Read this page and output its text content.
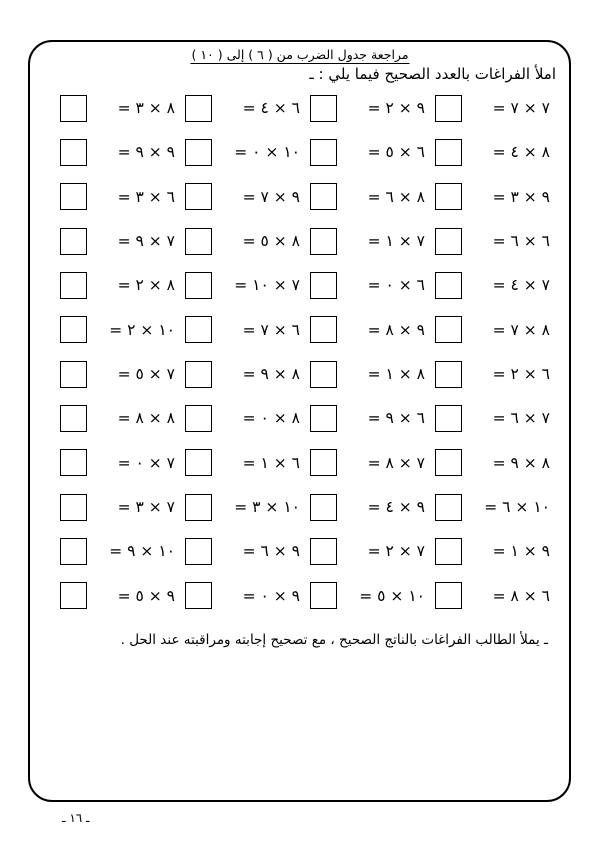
مراجعة جدول الضرب من ( ٦ ) إلى ( ١٠ )
املأ الفراغات بالعدد الصحيح فيما يلي : ـ
٧ × ٧ =
٩ × ٢ =
٦ × ٤ =
٨ × ٣ =
٨ × ٤ =
٦ × ٥ =
١٠ × ٠ =
٩ × ٩ =
٩ × ٣ =
٨ × ٦ =
٩ × ٧ =
٦ × ٣ =
٦ × ٦ =
٧ × ١ =
٨ × ٥ =
٧ × ٩ =
٧ × ٤ =
٦ × ٠ =
٧ × ١٠ =
٨ × ٢ =
٨ × ٧ =
٩ × ٨ =
٦ × ٧ =
١٠ × ٢ =
٦ × ٢ =
٨ × ١ =
٨ × ٩ =
٧ × ٥ =
٧ × ٦ =
٦ × ٩ =
٨ × ٠ =
٨ × ٨ =
٨ × ٩ =
٧ × ٨ =
٦ × ١ =
٧ × ٠ =
١٠ × ٦ =
٩ × ٤ =
١٠ × ٣ =
٧ × ٣ =
٩ × ١ =
٧ × ٢ =
٩ × ٦ =
١٠ × ٩ =
٦ × ٨ =
١٠ × ٥ =
٩ × ٠ =
٩ × ٥ =
ـ يملأ الطالب الفراغات بالناتج الصحيح ، مع تصحيح إجابته ومراقبته عند الحل .
ـ ١٦ ـ
